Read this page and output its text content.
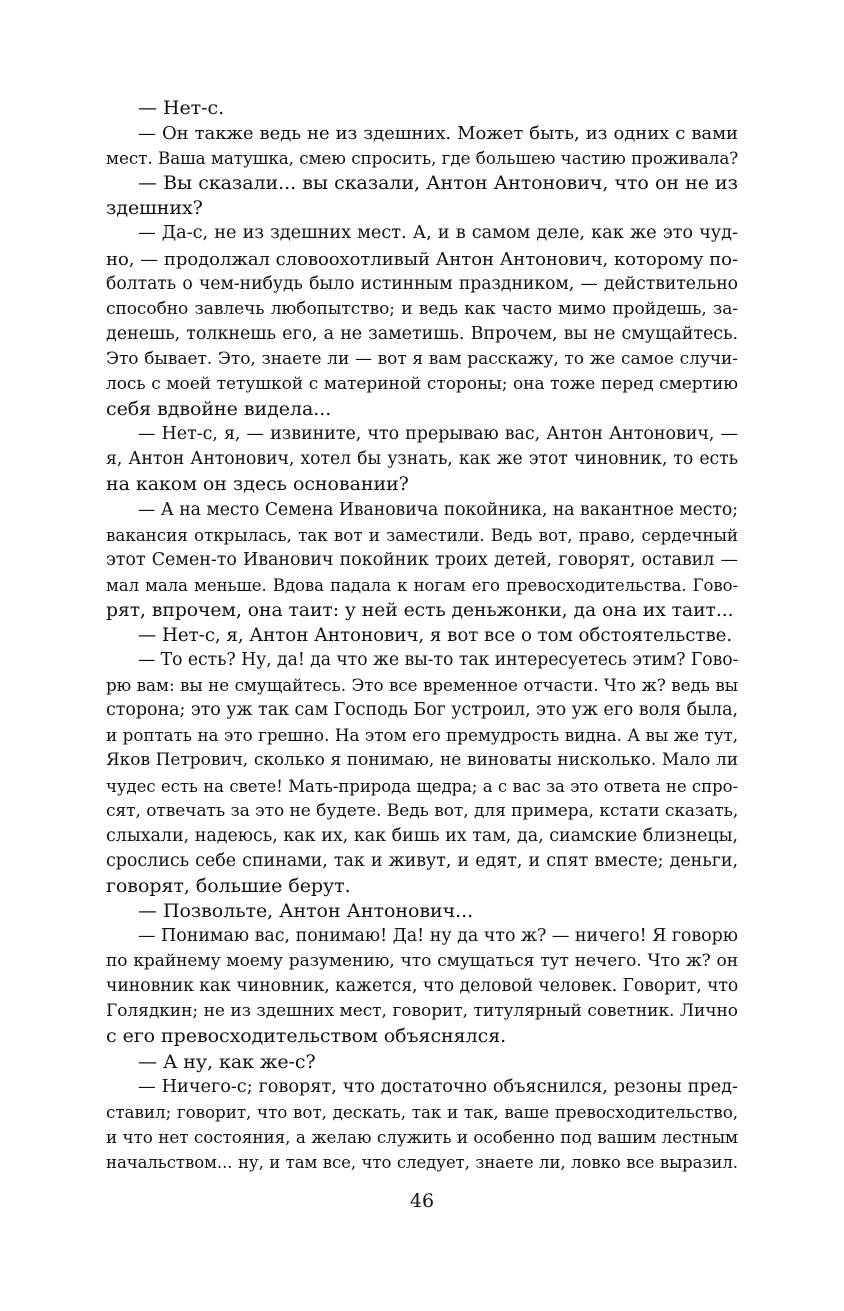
— Нет-с.
— Он также ведь не из здешних. Может быть, из одних с вами
мест. Ваша матушка, смею спросить, где большею частию проживала?
— Вы сказали... вы сказали, Антон Антонович, что он не из
здешних?
— Да-с, не из здешних мест. А, и в самом деле, как же это чуд-
но, — продолжал словоохотливый Антон Антонович, которому по-
болтать о чем-нибудь было истинным праздником, — действительно
способно завлечь любопытство; и ведь как часто мимо пройдешь, за-
денешь, толкнешь его, а не заметишь. Впрочем, вы не смущайтесь.
Это бывает. Это, знаете ли — вот я вам расскажу, то же самое случи-
лось с моей тетушкой с материной стороны; она тоже перед смертию
себя вдвойне видела...
— Нет-с, я, — извините, что прерываю вас, Антон Антонович, —
я, Антон Антонович, хотел бы узнать, как же этот чиновник, то есть
на каком он здесь основании?
— А на место Семена Ивановича покойника, на вакантное место;
вакансия открылась, так вот и заместили. Ведь вот, право, сердечный
этот Семен-то Иванович покойник троих детей, говорят, оставил —
мал мала меньше. Вдова падала к ногам его превосходительства. Гово-
рят, впрочем, она таит: у ней есть деньжонки, да она их таит...
— Нет-с, я, Антон Антонович, я вот все о том обстоятельстве.
— То есть? Ну, да! да что же вы-то так интересуетесь этим? Гово-
рю вам: вы не смущайтесь. Это все временное отчасти. Что ж? ведь вы
сторона; это уж так сам Господь Бог устроил, это уж его воля была,
и роптать на это грешно. На этом его премудрость видна. А вы же тут,
Яков Петрович, сколько я понимаю, не виноваты нисколько. Мало ли
чудес есть на свете! Мать-природа щедра; а с вас за это ответа не спро-
сят, отвечать за это не будете. Ведь вот, для примера, кстати сказать,
слыхали, надеюсь, как их, как бишь их там, да, сиамские близнецы,
срослись себе спинами, так и живут, и едят, и спят вместе; деньги,
говорят, большие берут.
— Позвольте, Антон Антонович...
— Понимаю вас, понимаю! Да! ну да что ж? — ничего! Я говорю
по крайнему моему разумению, что смущаться тут нечего. Что ж? он
чиновник как чиновник, кажется, что деловой человек. Говорит, что
Голядкин; не из здешних мест, говорит, титулярный советник. Лично
с его превосходительством объяснялся.
— А ну, как же-с?
— Ничего-с; говорят, что достаточно объяснился, резоны пред-
ставил; говорит, что вот, дескать, так и так, ваше превосходительство,
и что нет состояния, а желаю служить и особенно под вашим лестным
начальством... ну, и там все, что следует, знаете ли, ловко все выразил.
46
